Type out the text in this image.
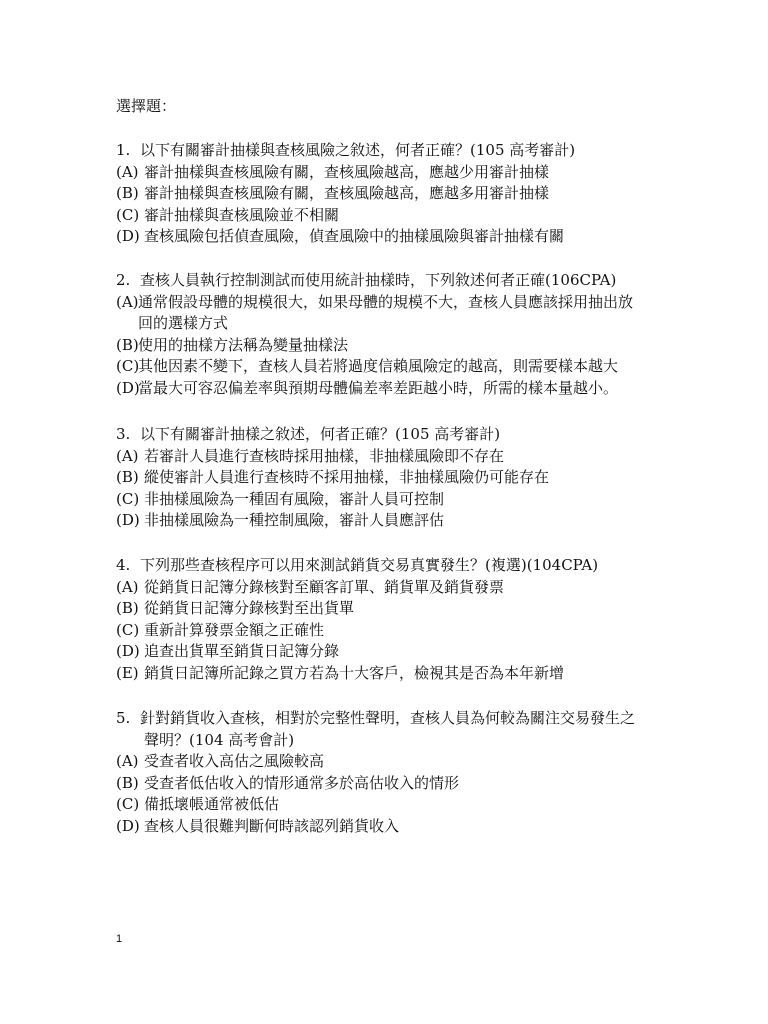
選擇題：
1. 以下有關審計抽樣與查核風險之敘述，何者正確？(105 高考審計)
(A) 審計抽樣與查核風險有關，查核風險越高，應越少用審計抽樣
(B) 審計抽樣與查核風險有關，查核風險越高，應越多用審計抽樣
(C) 審計抽樣與查核風險並不相關
(D) 查核風險包括偵查風險，偵查風險中的抽樣風險與審計抽樣有關
2. 查核人員執行控制測試而使用統計抽樣時，下列敘述何者正確(106CPA)
(A) 通常假設母體的規模很大，如果母體的規模不大，查核人員應該採用抽出放
回的選樣方式
(B) 使用的抽樣方法稱為變量抽樣法
(C)
其他因素不變下，查核人員若將過度信賴風險定的越高，則需要樣本越大
(D)
當最大可容忍偏差率與預期母體偏差率差距越小時，所需的樣本量越小。
3. 以下有關審計抽樣之敘述，何者正確？(105 高考審計)
(A) 若審計人員進行查核時採用抽樣，非抽樣風險即不存在
(B) 縱使審計人員進行查核時不採用抽樣，非抽樣風險仍可能存在
(C) 非抽樣風險為一種固有風險，審計人員可控制
(D) 非抽樣風險為一種控制風險，審計人員應評估
4. 下列那些查核程序可以用來測試銷貨交易真實發生？(複選)(104CPA)
(A) 從銷貨日記簿分錄核對至顧客訂單、銷貨單及銷貨發票
(B) 從銷貨日記簿分錄核對至出貨單
(C) 重新計算發票金額之正確性
(D) 追查出貨單至銷貨日記簿分錄
(E) 銷貨日記簿所記錄之買方若為十大客戶，檢視其是否為本年新增
5. 針對銷貨收入查核，相對於完整性聲明，查核人員為何較為關注交易發生之
聲明？(104 高考會計)
(A) 受查者收入高估之風險較高
(B) 受查者低估收入的情形通常多於高估收入的情形
(C) 備抵壞帳通常被低估
(D) 查核人員很難判斷何時該認列銷貨收入
1
